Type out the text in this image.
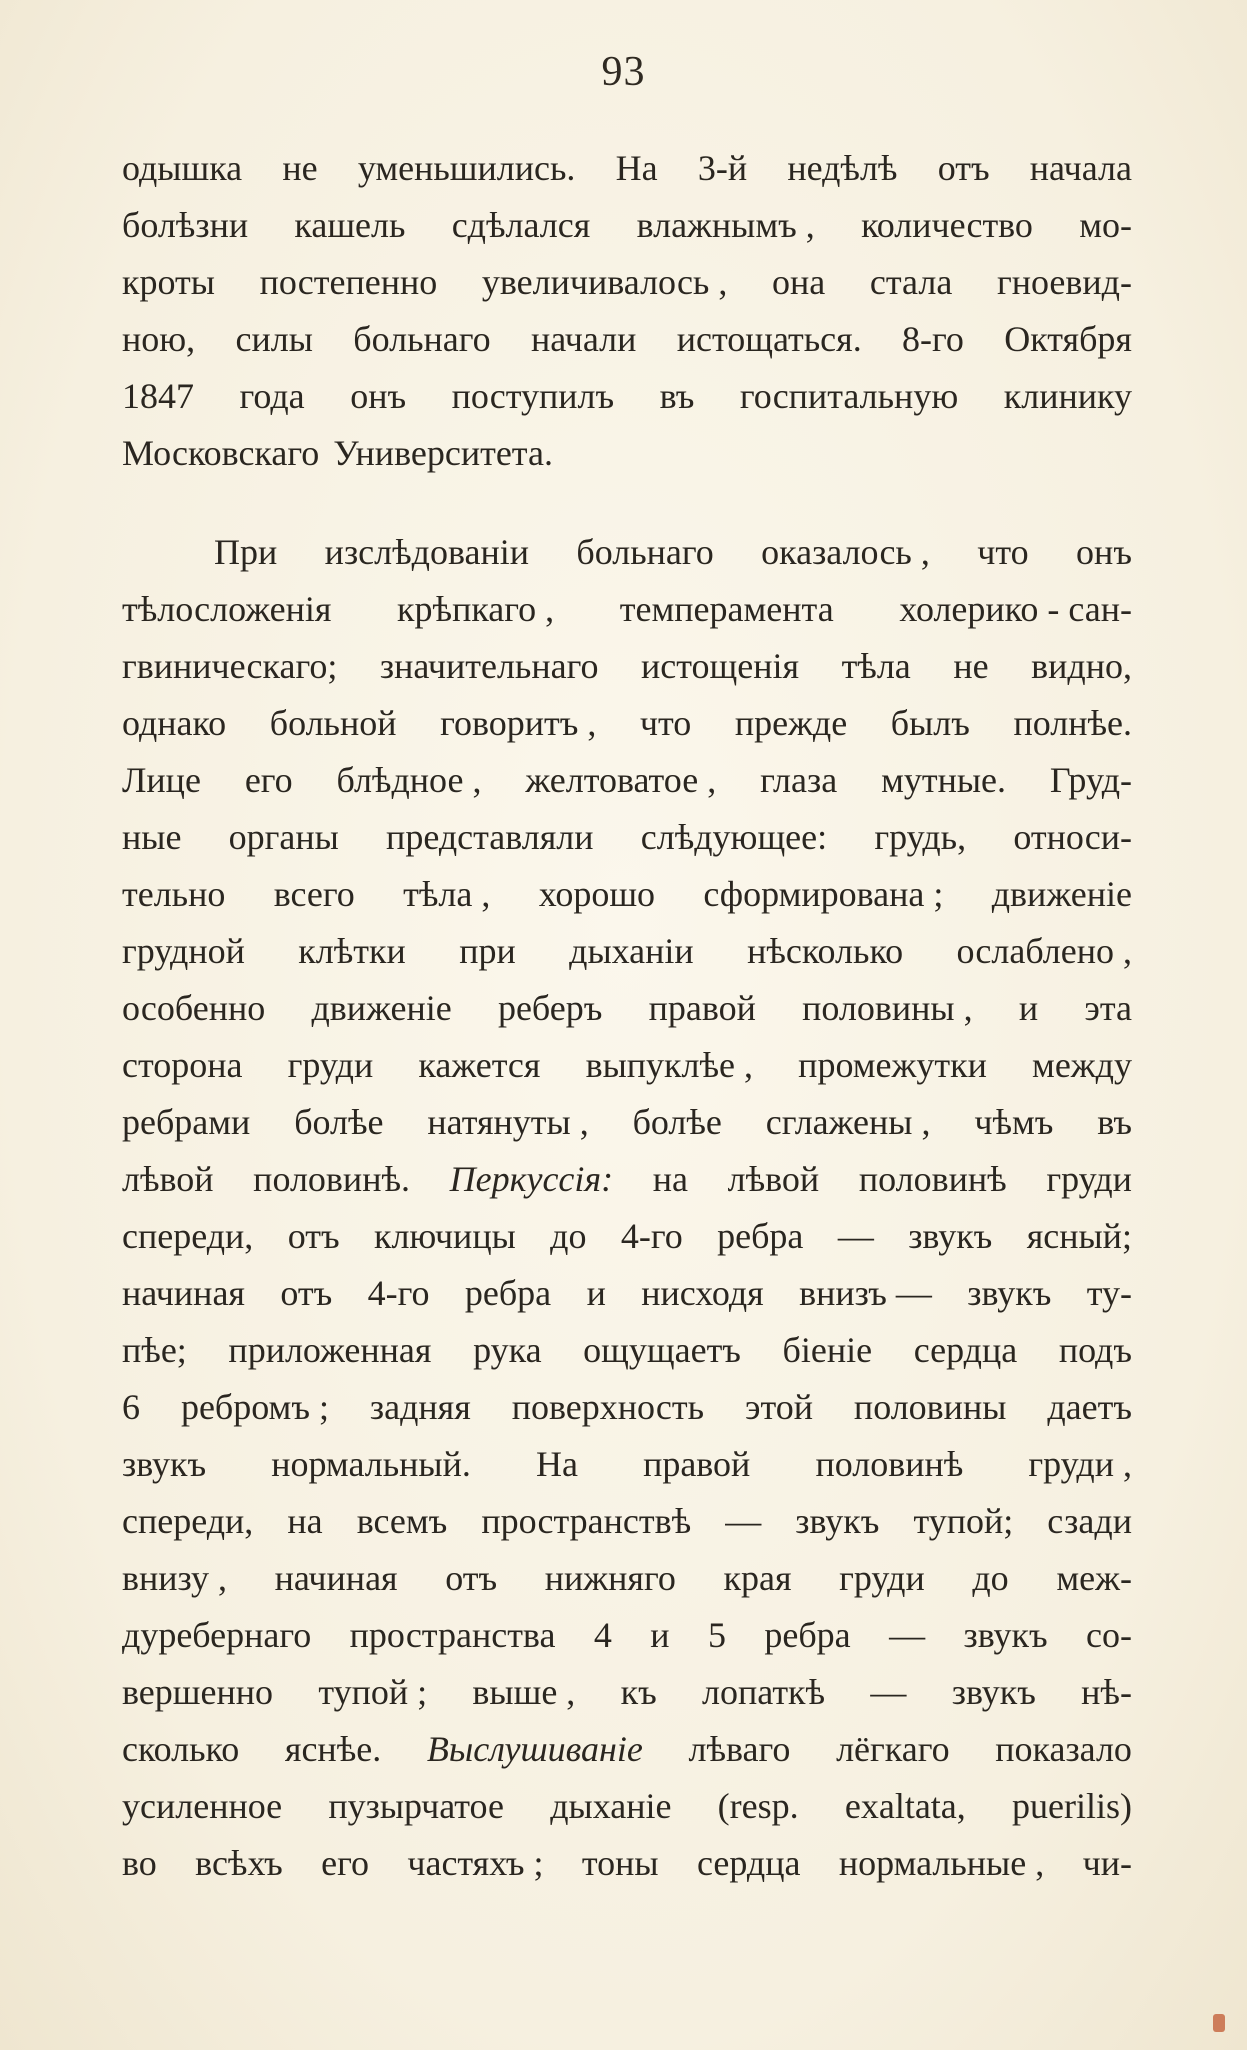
93
одышка не уменьшились. На 3-й недѣлѣ отъ начала
болѣзни кашель сдѣлался влажнымъ , количество мо-
кроты постепенно увеличивалось , она стала гноевид-
ною, силы больнаго начали истощаться. 8-го Октября
1847 года онъ поступилъ въ госпитальную клинику
Московскаго Университета.
При изслѣдованіи больнаго оказалось , что онъ
тѣлосложенія крѣпкаго , темперамента холерико - сан-
гвиническаго; значительнаго истощенія тѣла не видно,
однако больной говоритъ , что прежде былъ полнѣе.
Лице его блѣдное , желтоватое , глаза мутные. Груд-
ные органы представляли слѣдующее: грудь, относи-
тельно всего тѣла , хорошо сформирована ; движеніе
грудной клѣтки при дыханіи нѣсколько ослаблено ,
особенно движеніе реберъ правой половины , и эта
сторона груди кажется выпуклѣе , промежутки между
ребрами болѣе натянуты , болѣе сглажены , чѣмъ въ
лѣвой половинѣ. Перкуссія: на лѣвой половинѣ груди
спереди, отъ ключицы до 4-го ребра — звукъ ясный;
начиная отъ 4-го ребра и нисходя внизъ — звукъ ту-
пѣе; приложенная рука ощущаетъ біеніе сердца подъ
6 ребромъ ; задняя поверхность этой половины даетъ
звукъ нормальный. На правой половинѣ груди ,
спереди, на всемъ пространствѣ — звукъ тупой; сзади
внизу , начиная отъ нижняго края груди до меж-
дуребернаго пространства 4 и 5 ребра — звукъ со-
вершенно тупой ; выше , къ лопаткѣ — звукъ нѣ-
сколько яснѣе. Выслушиваніе лѣваго лёгкаго показало
усиленное пузырчатое дыханіе (resp. exaltata, puerilis)
во всѣхъ его частяхъ ; тоны сердца нормальные , чи-
